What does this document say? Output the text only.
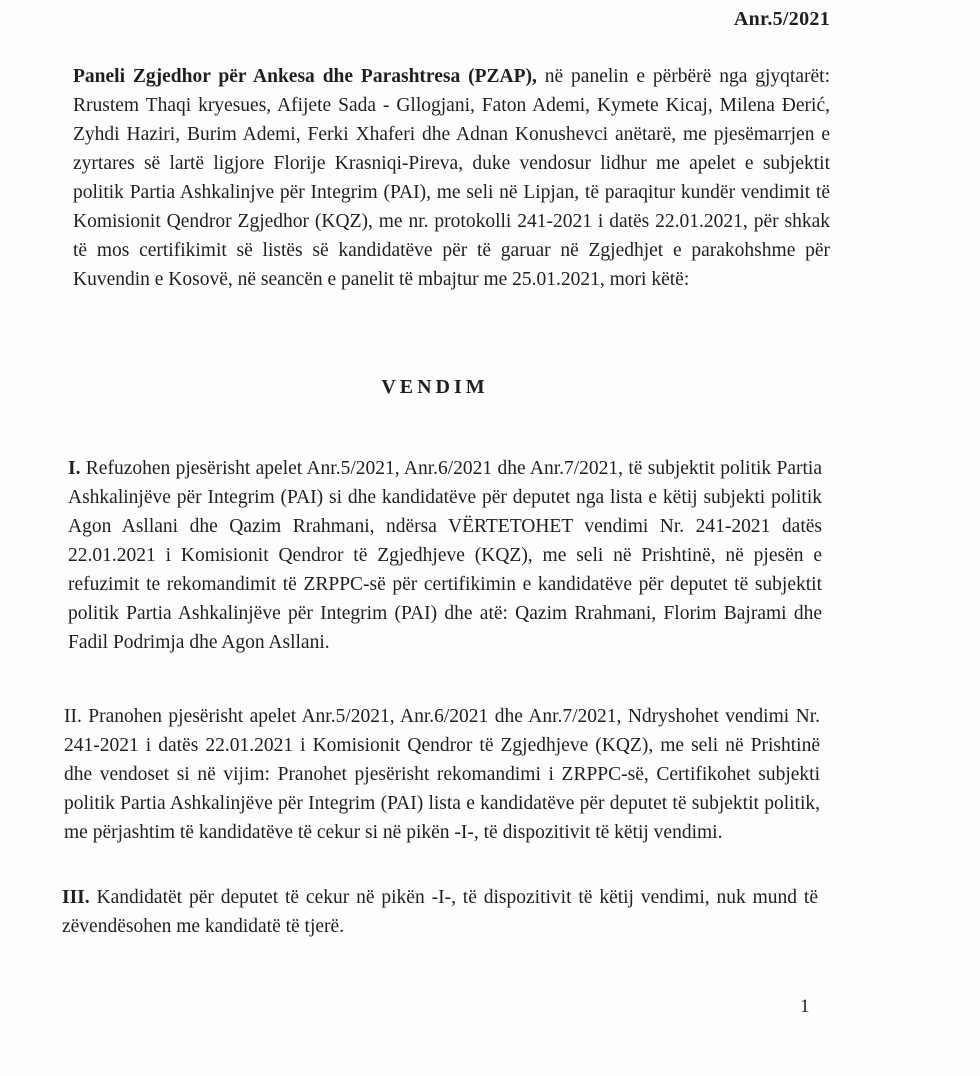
Anr.5/2021

Paneli Zgjedhor për Ankesa dhe Parashtresa (PZAP), në panelin e përbërë nga gjyqtarët: Rrustem Thaqi kryesues, Afijete Sada - Gllogjani, Faton Ademi, Kymete Kicaj, Milena Đerić, Zyhdi Haziri, Burim Ademi, Ferki Xhaferi dhe Adnan Konushevci anëtarë, me pjesëmarrjen e zyrtares së lartë ligjore Florije Krasniqi-Pireva, duke vendosur lidhur me apelet e subjektit politik Partia Ashkalinjve për Integrim (PAI), me seli në Lipjan, të paraqitur kundër vendimit të Komisionit Qendror Zgjedhor (KQZ), me nr. protokolli 241-2021 i datës 22.01.2021, për shkak të mos certifikimit së listës së kandidatëve për të garuar në Zgjedhjet e parakohshme për Kuvendin e Kosovë, në seancën e panelit të mbajtur me 25.01.2021, mori këtë:

VENDIM

I. Refuzohen pjesërisht apelet Anr.5/2021, Anr.6/2021 dhe Anr.7/2021, të subjektit politik Partia Ashkalinjëve për Integrim (PAI) si dhe kandidatëve për deputet nga lista e këtij subjekti politik Agon Asllani dhe Qazim Rrahmani, ndërsa VËRTETOHET vendimi Nr. 241-2021 datës 22.01.2021 i Komisionit Qendror të Zgjedhjeve (KQZ), me seli në Prishtinë, në pjesën e refuzimit te rekomandimit të ZRPPC-së për certifikimin e kandidatëve për deputet të subjektit politik Partia Ashkalinjëve për Integrim (PAI) dhe atë: Qazim Rrahmani, Florim Bajrami dhe Fadil Podrimja dhe Agon Asllani.

II. Pranohen pjesërisht apelet Anr.5/2021, Anr.6/2021 dhe Anr.7/2021, Ndryshohet vendimi Nr. 241-2021 i datës 22.01.2021 i Komisionit Qendror të Zgjedhjeve (KQZ), me seli në Prishtinë dhe vendoset si në vijim: Pranohet pjesërisht rekomandimi i ZRPPC-së, Certifikohet subjekti politik Partia Ashkalinjëve për Integrim (PAI) lista e kandidatëve për deputet të subjektit politik, me përjashtim të kandidatëve të cekur si në pikën -I-, të dispozitivit të këtij vendimi.

III. Kandidatët për deputet të cekur në pikën -I-, të dispozitivit të këtij vendimi, nuk mund të zëvendësohen me kandidatë të tjerë.

1
